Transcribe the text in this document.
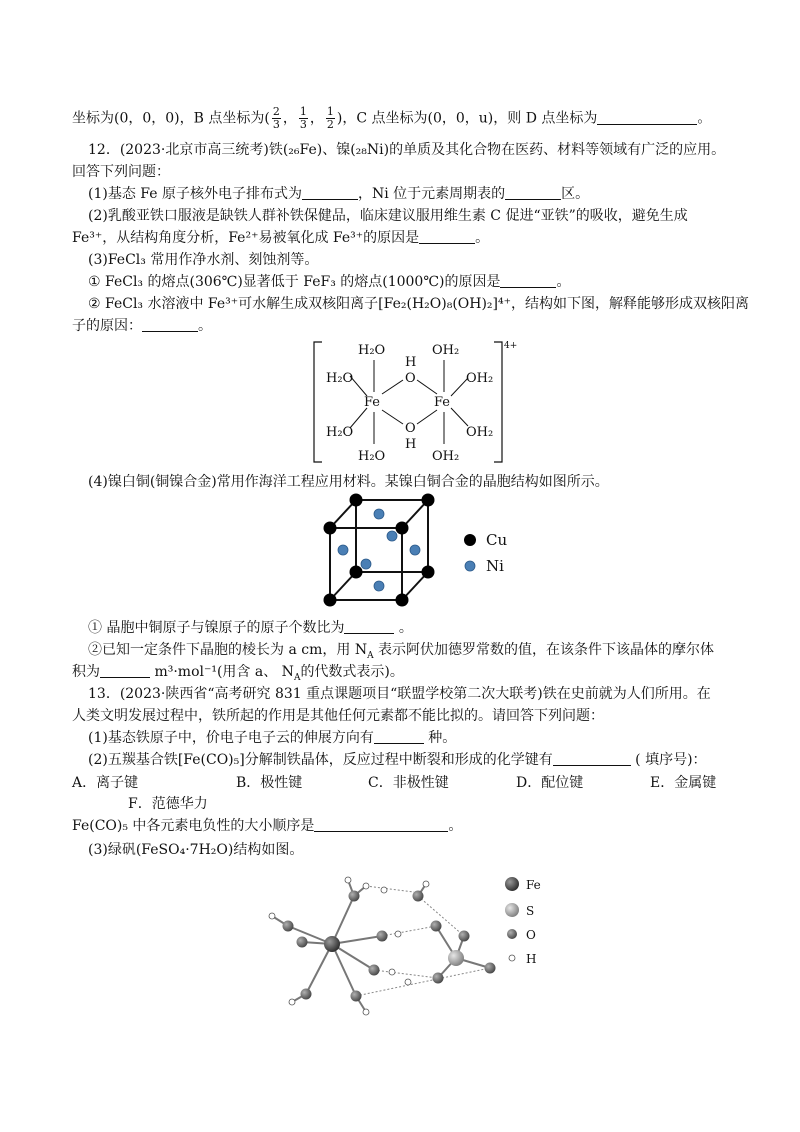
坐标为(0，0，0)，B 点坐标为( $\frac{2}{3}$ ， $\frac{1}{3}$ ， $\frac{1}{2}$ )，C 点坐标为(0，0，u)，则 D 点坐标为	。
12．(2023·北京市高三统考)铁(₂₆Fe)、镍(₂₈Ni)的单质及其化合物在医药、材料等领域有广泛的应用。
回答下列问题：
(1)基态 Fe 原子核外电子排布式为	，Ni 位于元素周期表的	区。
(2)乳酸亚铁口服液是缺铁人群补铁保健品，临床建议服用维生素 C 促进“亚铁”的吸收，避免生成
Fe³⁺，从结构角度分析，Fe²⁺易被氧化成 Fe³⁺的原因是	。
(3)FeCl₃ 常用作净水剂、刻蚀剂等。
① FeCl₃ 的熔点(306℃)显著低于 FeF₃ 的熔点(1000℃)的原因是	。
② FeCl₃ 水溶液中 Fe³⁺可水解生成双核阳离子[Fe₂(H₂O)₈(OH)₂]⁴⁺，结构如下图，解释能够形成双核阳离
子的原因：	。
4+
H₂O
H₂O
H₂O
H₂O
OH₂
OH₂
OH₂
OH₂
Fe	Fe
H
O
O
H
(4)镍白铜(铜镍合金)常用作海洋工程应用材料。某镍白铜合金的晶胞结构如图所示。
Cu
Ni
① 晶胞中铜原子与镍原子的原子个数比为	。
②已知一定条件下晶胞的棱长为 a cm，用 $N_A$ 表示阿伏加德罗常数的值，在该条件下该晶体的摩尔体
积为	m³·mol⁻¹(用含 a、 $N_A$的代数式表示)。
13．(2023·陕西省“高考研究 831 重点课题项目“联盟学校第二次大联考)铁在史前就为人们所用。在
人类文明发展过程中，铁所起的作用是其他任何元素都不能比拟的。请回答下列问题：
(1)基态铁原子中，价电子电子云的伸展方向有	种。
(2)五羰基合铁[Fe(CO)₅]分解制铁晶体，反应过程中断裂和形成的化学键有	( 填序号)：
A．离子键	B．极性键	C．非极性键	D．配位键	E．金属键
F．范德华力
Fe(CO)₅ 中各元素电负性的大小顺序是	。
(3)绿矾(FeSO₄·7H₂O)结构如图。
Fe
S
O
H
